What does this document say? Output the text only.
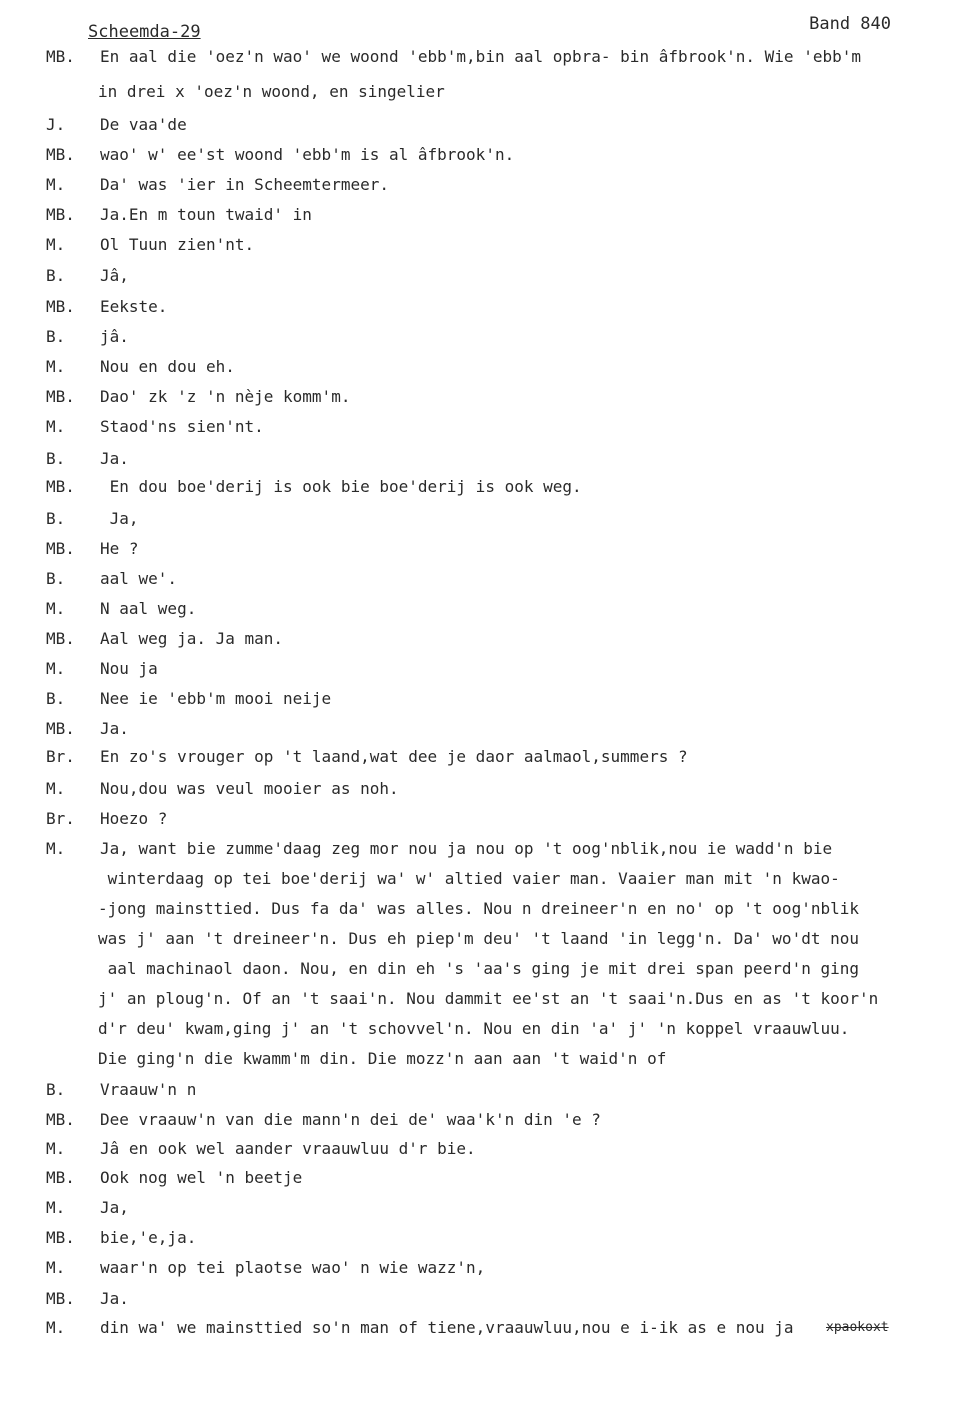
Scheemda-29	Band 840

MB.

En aal die 'oez'n wao' we woond 'ebb'm,bin aal opbra- bin âfbrook'n. Wie 'ebb'm

in drei x 'oez'n woond, en singelier

J.

De vaa'de

MB.

wao' w' ee'st woond 'ebb'm is al âfbrook'n.

M.

Da' was 'ier in Scheemtermeer.

MB.

Ja.En m toun twaid' in

M.

Ol Tuun zien'nt.

B.

Jâ,

MB.

Eekste.

B.

jâ.

M.

Nou en dou eh.

MB.

Dao' zk 'z 'n nèje komm'm.

M.

Staod'ns sien'nt.

B.

Ja.

MB.

En dou boe'derij is ook bie boe'derij is ook weg.

B.

Ja,

MB.

He ?

B.

aal we'.

M.

N aal weg.

MB.

Aal weg ja. Ja man.

M.

Nou ja

B.

Nee ie 'ebb'm mooi neije

MB.

Ja.

Br.

En zo's vrouger op 't laand,wat dee je daor aalmaol,summers ?

M.

Nou,dou was veul mooier as noh.

Br.

Hoezo ?

M.

Ja, want bie zumme'daag zeg mor nou ja nou op 't oog'nblik,nou ie wadd'n bie

winterdaag op tei boe'derij wa' w' altied vaier man. Vaaier man mit 'n kwao-

-jong mainsttied. Dus fa da' was alles. Nou n dreineer'n en no' op 't oog'nblik

was j' aan 't dreineer'n. Dus eh piep'm deu' 't laand 'in legg'n. Da' wo'dt nou

aal machinaol daon. Nou, en din eh 's 'aa's ging je mit drei span peerd'n ging

j' an ploug'n. Of an 't saai'n. Nou dammit ee'st an 't saai'n.Dus en as 't koor'n

d'r deu' kwam,ging j' an 't schovvel'n. Nou en din 'a' j' 'n koppel vraauwluu.

Die ging'n die kwamm'm din. Die mozz'n aan aan 't waid'n of

B.

Vraauw'n n

MB.

Dee vraauw'n van die mann'n dei de' waa'k'n din 'e ?

M.

Jâ en ook wel aander vraauwluu d'r bie.

MB.

Ook nog wel 'n beetje

M.

Ja,

MB.

bie,'e,ja.

M.

waar'n op tei plaotse wao' n wie wazz'n,

MB.

Ja.

M.

din wa' we mainsttied so'n man of tiene,vraauwluu,nou e i-ik as e nou ja

xpaokoxt
